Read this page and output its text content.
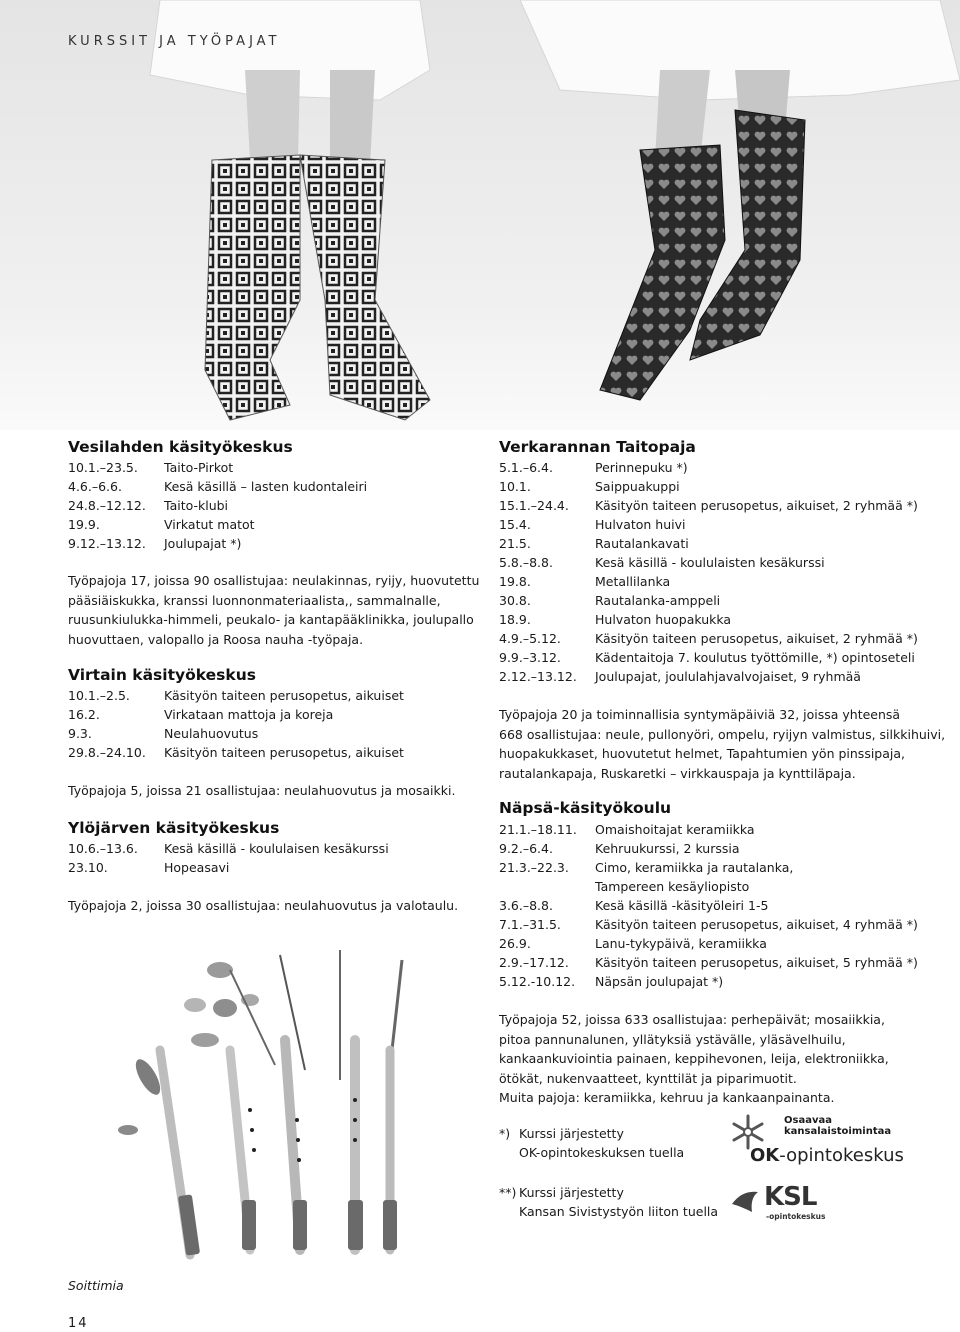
KURSSIT JA TYÖPAJAT
Vesilahden käsityökeskus
10.1.–23.5. Taito-Pirkot
4.6.–6.6.	Kesä käsillä – lasten kudontaleiri
24.8.–12.12. Taito-klubi
19.9.	Virkatut matot
9.12.–13.12. Joulupajat *)
Työpajoja 17, joissa 90 osallistujaa: neulakinnas, ryijy, huovutettu
pääsiäiskukka, kranssi luonnonmateriaalista,, sammalnalle,
ruusunkiulukka-himmeli, peukalo- ja kantapääklinikka, joulupallo
huovuttaen, valopallo ja Roosa nauha -työpaja.
Virtain käsityökeskus
10.1.–2.5.	Käsityön taiteen perusopetus, aikuiset
16.2.	Virkataan mattoja ja koreja
9.3.	Neulahuovutus
29.8.–24.10. Käsityön taiteen perusopetus, aikuiset
Työpajoja 5, joissa 21 osallistujaa: neulahuovutus ja mosaikki.
Ylöjärven käsityökeskus
10.6.–13.6. Kesä käsillä - koululaisen kesäkurssi
23.10.	Hopeasavi
Työpajoja 2, joissa 30 osallistujaa: neulahuovutus ja valotaulu.
Verkarannan Taitopaja
5.1.–6.4.	Perinnepuku *)
10.1.	Saippuakuppi
15.1.–24.4. Käsityön taiteen perusopetus, aikuiset, 2 ryhmää *)
15.4.	Hulvaton huivi
21.5.	Rautalankavati
5.8.–8.8.	Kesä käsillä - koululaisten kesäkurssi
19.8.	Metallilanka
30.8.	Rautalanka-amppeli
18.9.	Hulvaton huopakukka
4.9.–5.12.	Käsityön taiteen perusopetus, aikuiset, 2 ryhmää *)
9.9.–3.12.	Kädentaitoja 7. koulutus työttömille, *) opintoseteli
2.12.–13.12. Joulupajat, joululahjavalvojaiset, 9 ryhmää
Työpajoja 20 ja toiminnallisia syntymäpäiviä 32, joissa yhteensä
668 osallistujaa: neule, pullonyöri, ompelu, ryijyn valmistus, silkkihuivi,
huopakukkaset, huovutetut helmet, Tapahtumien yön pinssipaja,
rautalankapaja, Ruskaretki – virkkauspaja ja kynttiläpaja.
Näpsä-käsityökoulu
21.1.–18.11. Omaishoitajat keramiikka
9.2.–6.4.	Kehruukurssi, 2 kurssia
21.3.–22.3. Cimo, keramiikka ja rautalanka,
Tampereen kesäyliopisto
3.6.–8.8.	Kesä käsillä -käsityöleiri 1-5
7.1.–31.5.	Käsityön taiteen perusopetus, aikuiset, 4 ryhmää *)
26.9.	Lanu-tykypäivä, keramiikka
2.9.–17.12. Käsityön taiteen perusopetus, aikuiset, 5 ryhmää *)
5.12.-10.12. Näpsän joulupajat *)
Työpajoja 52, joissa 633 osallistujaa: perhepäivät; mosaiikkia,
pitoa pannunalunen, yllätyksiä ystävälle, yläsävelhuilu,
kankaankuviointia painaen, keppihevonen, leija, elektroniikka,
ötökät, nukenvaatteet, kynttilät ja piparimuotit.
Muita pajoja: keramiikka, kehruu ja kankaanpainanta.
*) Kurssi järjestetty
OK-opintokeskuksen tuella
**) Kurssi järjestetty
Kansan Sivistystyön liiton tuella
Osaavaa
kansalaistoimintaa
OK-opintokeskus
KSL
-opintokeskus
Soittimia
14
